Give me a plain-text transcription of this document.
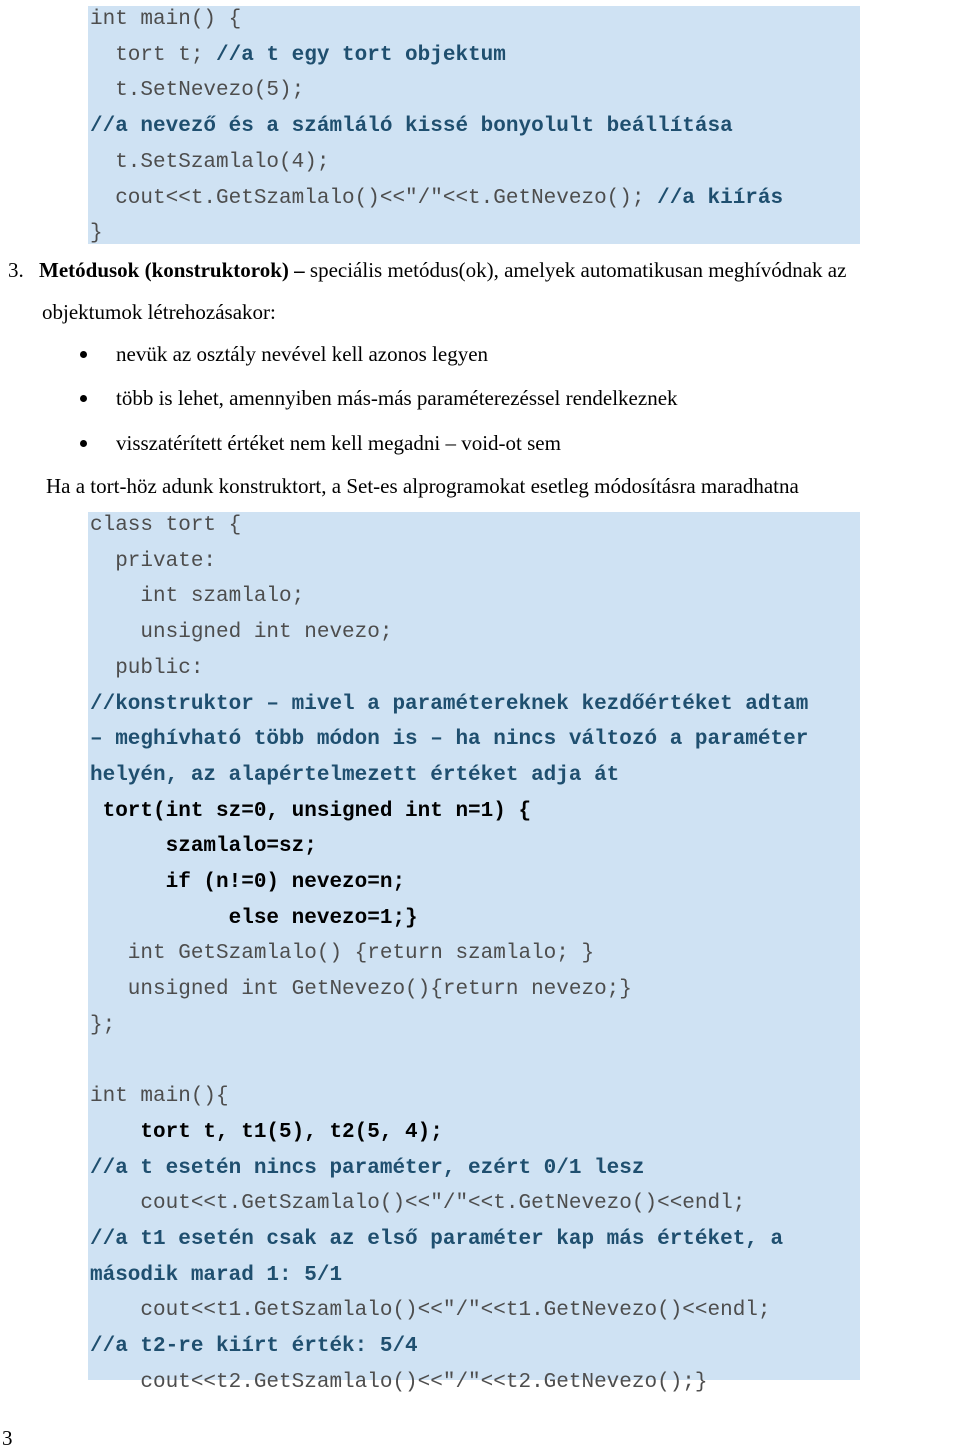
int main() {
tort t; //a t egy tort objektum
t.SetNevezo(5);
//a nevező és a számláló kissé bonyolult beállítása
t.SetSzamlalo(4);
cout<<t.GetSzamlalo()<<"/"<<t.GetNevezo(); //a kiírás
}
3. Metódusok (konstruktorok) – speciális metódus(ok), amelyek automatikusan meghívódnak az
objektumok létrehozásakor:
nevük az osztály nevével kell azonos legyen
több is lehet, amennyiben más-más paraméterezéssel rendelkeznek
visszatérített értéket nem kell megadni – void-ot sem
Ha a tort-höz adunk konstruktort, a Set-es alprogramokat esetleg módosításra maradhatna
class tort {
private:
int szamlalo;
unsigned int nevezo;
public:
//konstruktor – mivel a paramétereknek kezdőértéket adtam
– meghívható több módon is – ha nincs változó a paraméter
helyén, az alapértelmezett értéket adja át
tort(int sz=0, unsigned int n=1) {
szamlalo=sz;
if (n!=0) nevezo=n;
else nevezo=1;}
int GetSzamlalo() {return szamlalo; }
unsigned int GetNevezo(){return nevezo;}
};

int main(){
tort t, t1(5), t2(5, 4);
//a t esetén nincs paraméter, ezért 0/1 lesz
cout<<t.GetSzamlalo()<<"/"<<t.GetNevezo()<<endl;
//a t1 esetén csak az első paraméter kap más értéket, a
második marad 1: 5/1
cout<<t1.GetSzamlalo()<<"/"<<t1.GetNevezo()<<endl;
//a t2-re kiírt érték: 5/4
cout<<t2.GetSzamlalo()<<"/"<<t2.GetNevezo();}
3
